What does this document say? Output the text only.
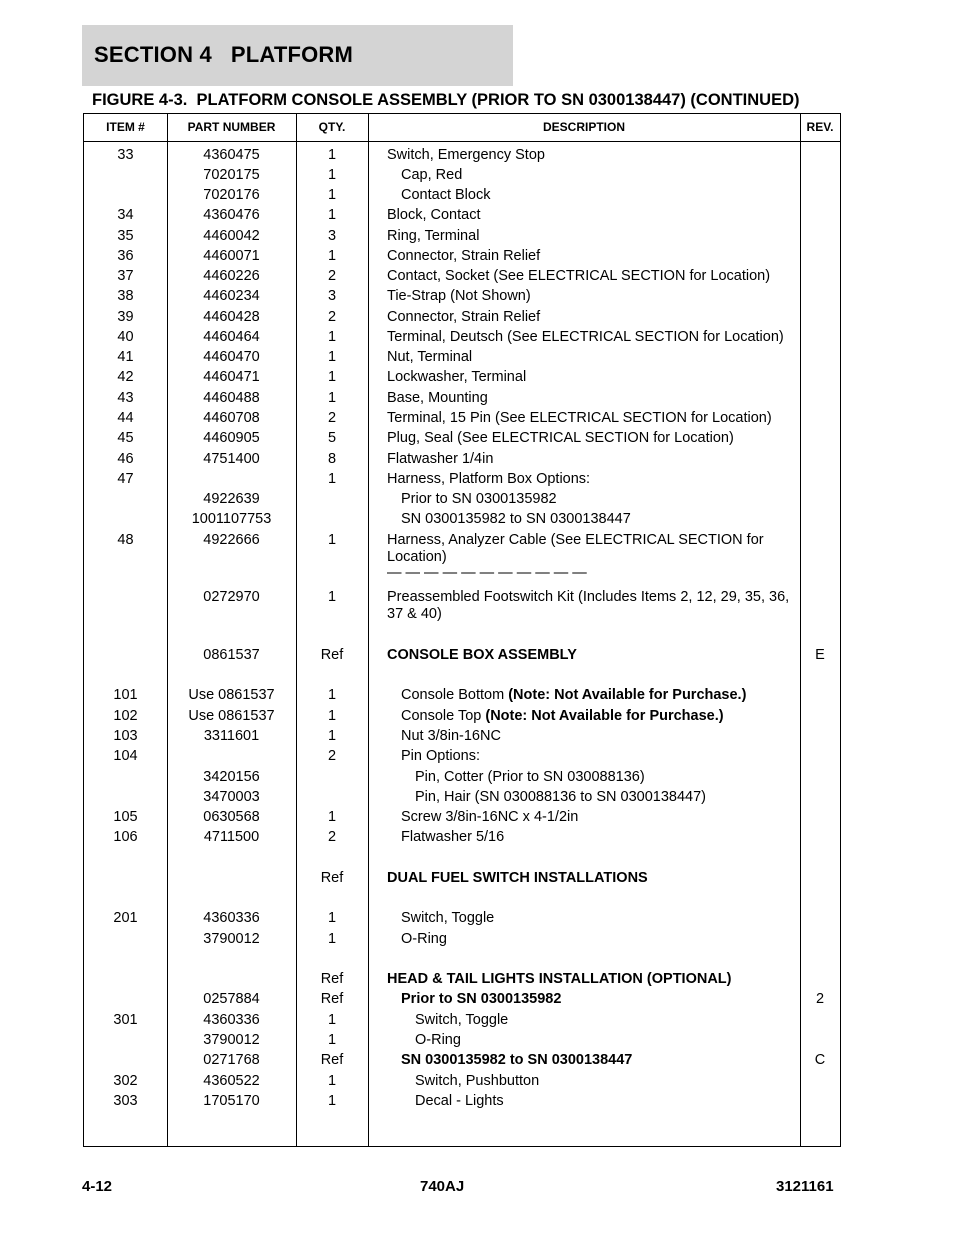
SECTION 4   PLATFORM
FIGURE 4-3.  PLATFORM CONSOLE ASSEMBLY (PRIOR TO SN 0300138447) (CONTINUED)
ITEM #	PART NUMBER	QTY.	DESCRIPTION	REV.
33	4360475	1	Switch, Emergency Stop
7020175	1	Cap, Red
7020176	1	Contact Block
34	4360476	1	Block, Contact
35	4460042	3	Ring, Terminal
36	4460071	1	Connector, Strain Relief
37	4460226	2	Contact, Socket (See ELECTRICAL SECTION for Location)
38	4460234	3	Tie-Strap (Not Shown)
39	4460428	2	Connector, Strain Relief
40	4460464	1	Terminal, Deutsch (See ELECTRICAL SECTION for Location)
41	4460470	1	Nut, Terminal
42	4460471	1	Lockwasher, Terminal
43	4460488	1	Base, Mounting
44	4460708	2	Terminal, 15 Pin (See ELECTRICAL SECTION for Location)
45	4460905	5	Plug, Seal (See ELECTRICAL SECTION for Location)
46	4751400	8	Flatwasher 1/4in
47	1	Harness, Platform Box Options:
4922639	Prior to SN 0300135982
1001107753	SN 0300135982 to SN 0300138447
48	4922666	1	Harness, Analyzer Cable (See ELECTRICAL SECTION for Location)
— — — — — — — — — — —
0272970	1	Preassembled Footswitch Kit (Includes Items 2, 12, 29, 35, 36, 37 & 40)
0861537	Ref	CONSOLE BOX ASSEMBLY	E
101	Use 0861537	1	Console Bottom (Note: Not Available for Purchase.)
102	Use 0861537	1	Console Top (Note: Not Available for Purchase.)
103	3311601	1	Nut 3/8in-16NC
104	2	Pin Options:
3420156	Pin, Cotter (Prior to SN 030088136)
3470003	Pin, Hair (SN 030088136 to SN 0300138447)
105	0630568	1	Screw 3/8in-16NC x 4-1/2in
106	4711500	2	Flatwasher 5/16
Ref	DUAL FUEL SWITCH INSTALLATIONS
201	4360336	1	Switch, Toggle
3790012	1	O-Ring
Ref	HEAD & TAIL LIGHTS INSTALLATION (OPTIONAL)
0257884	Ref	Prior to SN 0300135982	2
301	4360336	1	Switch, Toggle
3790012	1	O-Ring
0271768	Ref	SN 0300135982 to SN 0300138447	C
302	4360522	1	Switch, Pushbutton
303	1705170	1	Decal - Lights
4-12	740AJ	3121161
